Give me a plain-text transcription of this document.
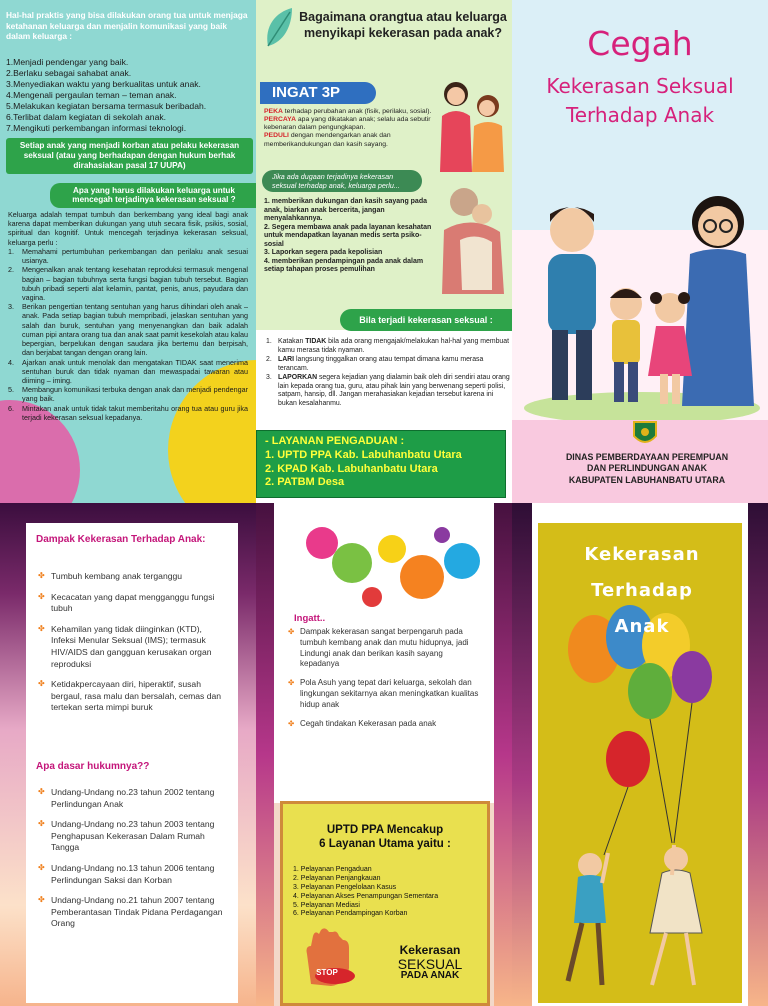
Hal-hal praktis yang bisa dilakukan orang tua untuk menjaga ketahanan keluarga dan menjalin komunikasi yang baik dalam keluarga :
1.Menjadi pendengar yang baik.
2.Berlaku sebagai sahabat anak.
3.Menyediakan waktu yang berkualitas untuk anak.
4.Mengenali pergaulan teman – teman anak.
5.Melakukan kegiatan bersama termasuk beribadah.
6.Terlibat dalam kegiatan di sekolah anak.
7.Mengikuti perkembangan informasi teknologi.
Setiap anak yang menjadi korban atau pelaku kekerasan seksual (atau yang berhadapan dengan hukum berhak dirahasiakan pasal 17 UUPA)
Apa yang harus dilakukan keluarga untuk mencegah terjadinya kekerasan seksual ?
Keluarga adalah tempat tumbuh dan berkembang yang ideal bagi anak karena dapat memberikan dukungan yang utuh secara fisik, psikis, sosial, spiritual dan kognitif. Untuk mencegah terjadinya kekerasan seksual, keluarga perlu :
1. Memahami pertumbuhan perkembangan dan perilaku anak sesuai usianya.
2. Mengenalkan anak tentang kesehatan reproduksi termasuk mengenal bagian – bagian tubuhnya serta fungsi bagian tubuh tersebut. Bagian tubuh pribadi seperti alat kelamin, pantat, penis, anus, payudara dan vagina.
3. Berikan pengertian tentang sentuhan yang harus dihindari oleh anak – anak. Pada setiap bagian tubuh mempribadi, jelaskan sentuhan yang salah dan buruk, sentuhan yang menyenangkan dan baik adalah cuman pipi antara orang tua dan anak saat pamit kesekolah atau kalau bepergian, berpelukan dengan saudara jika bertemu dan berpisah, dan berjabat tangan dengan orang lain.
4. Ajarkan anak untuk menolak dan mengatakan TIDAK saat menerima sentuhan buruk dan tidak nyaman dan mewaspadai tawaran atau diiming – iming.
5. Membangun komunikasi terbuka dengan anak dan menjadi pendengar yang baik.
6. Mintakan anak untuk tidak takut memberitahu orang tua atau guru jika terjadi kekerasan seksual kepadanya.
Bagaimana orangtua atau keluarga menyikapi kekerasan pada anak?
INGAT 3P
PEKA terhadap perubahan anak (fisik, perilaku, sosial).
PERCAYA apa yang dikatakan anak; selalu ada sebutir kebenaran dalam pengungkapan.
PEDULI dengan mendengarkan anak dan memberikandukungan dan kasih sayang.
Jika ada dugaan terjadinya kekerasan seksual terhadap anak, keluarga perlu...
1. memberikan dukungan dan kasih sayang pada anak, biarkan anak bercerita, jangan menyalahkannya.
2. Segera membawa anak pada layanan kesahatan untuk mendapatkan layanan medis serta psiko-sosial
3. Laporkan segera pada kepolisian
4. memberikan pendampingan pada anak dalam setiap tahapan proses pemulihan
Bila terjadi kekerasan seksual :
1. Katakan TIDAK bila ada orang mengajak/melakukan hal-hal yang membuat kamu merasa tidak nyaman.
2. LARI langsung tinggalkan orang atau tempat dimana kamu merasa terancam.
3. LAPORKAN segera kejadian yang dialamin baik oleh diri sendiri atau orang lain kepada orang tua, guru, atau pihak lain yang berwenang seperti polisi, satpam, hansip, dll. Jangan merahasiakan kejadian tersebut karena ini bukan kesalahanmu.
- LAYANAN PENGADUAN :
1. UPTD PPA Kab. Labuhanbatu Utara
2. KPAD Kab. Labuhanbatu Utara
2. PATBM Desa
Cegah
Kekerasan Seksual
Terhadap Anak
DINAS PEMBERDAYAAN PEREMPUAN
DAN PERLINDUNGAN ANAK
KABUPATEN LABUHANBATU UTARA
Dampak Kekerasan Terhadap Anak:
✤ Tumbuh kembang anak terganggu
✤ Kecacatan yang dapat mengganggu fungsi tubuh
✤ Kehamilan yang tidak diinginkan (KTD), Infeksi Menular Seksual (IMS); termasuk HIV/AIDS dan gangguan kerusakan organ reproduksi
✤ Ketidakpercayaan diri, hiperaktif, susah bergaul, rasa malu dan bersalah, cemas dan tertekan serta mimpi buruk
Apa dasar hukumnya??
✤ Undang-Undang no.23 tahun 2002 tentang Perlindungan Anak
✤ Undang-Undang no.23 tahun 2003 tentang Penghapusan Kekerasan Dalam Rumah Tangga
✤ Undang-Undang no.13 tahun 2006 tentang Perlindungan Saksi dan Korban
✤ Undang-Undang no.21 tahun 2007 tentang Pemberantasan Tindak Pidana Perdagangan Orang
Ingatt..
✤ Dampak kekerasan sangat berpengaruh pada tumbuh kembang anak dan mutu hidupnya, jadi Lindungi anak dan berikan kasih sayang kepadanya
✤ Pola Asuh yang tepat dari keluarga, sekolah dan lingkungan sekitarnya akan meningkatkan kualitas hidup anak
✤ Cegah tindakan Kekerasan pada anak
UPTD PPA Mencakup
6 Layanan Utama yaitu :
1. Pelayanan Pengaduan
2. Pelayanan Penjangkauan
3. Pelayanan Pengelolaan Kasus
4. Pelayanan Akses Penampungan Sementara
5. Pelayanan Mediasi
6. Pelayanan Pendampingan Korban
STOP
Kekerasan
SEKSUAL
PADA ANAK
Kekerasan
Terhadap
Anak
